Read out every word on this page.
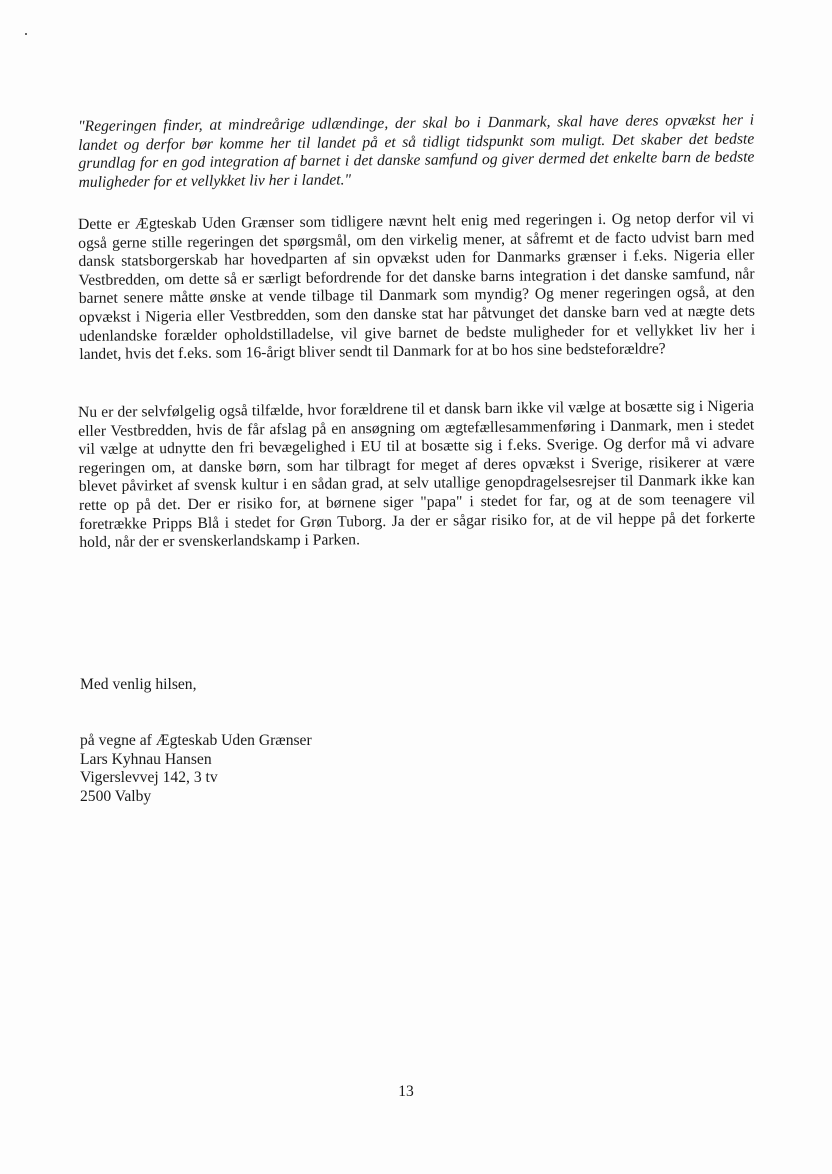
"Regeringen finder, at mindreårige udlændinge, der skal bo i Danmark, skal have deres opvækst her i landet og derfor bør komme her til landet på et så tidligt tidspunkt som muligt. Det skaber det bedste grundlag for en god integration af barnet i det danske samfund og giver dermed det enkelte barn de bedste muligheder for et vellykket liv her i landet."

Dette er Ægteskab Uden Grænser som tidligere nævnt helt enig med regeringen i. Og netop derfor vil vi også gerne stille regeringen det spørgsmål, om den virkelig mener, at såfremt et de facto udvist barn med dansk statsborgerskab har hovedparten af sin opvækst uden for Danmarks grænser i f.eks. Nigeria eller Vestbredden, om dette så er særligt befordrende for det danske barns integration i det danske samfund, når barnet senere måtte ønske at vende tilbage til Danmark som myndig? Og mener regeringen også, at den opvækst i Nigeria eller Vestbredden, som den danske stat har påtvunget det danske barn ved at nægte dets udenlandske forælder opholdstilladelse, vil give barnet de bedste muligheder for et vellykket liv her i landet, hvis det f.eks. som 16-årigt bliver sendt til Danmark for at bo hos sine bedsteforældre?

Nu er der selvfølgelig også tilfælde, hvor forældrene til et dansk barn ikke vil vælge at bosætte sig i Nigeria eller Vestbredden, hvis de får afslag på en ansøgning om ægtefællesammenføring i Danmark, men i stedet vil vælge at udnytte den fri bevægelighed i EU til at bosætte sig i f.eks. Sverige. Og derfor må vi advare regeringen om, at danske børn, som har tilbragt for meget af deres opvækst i Sverige, risikerer at være blevet påvirket af svensk kultur i en sådan grad, at selv utallige genopdragelsesrejser til Danmark ikke kan rette op på det. Der er risiko for, at børnene siger "papa" i stedet for far, og at de som teenagere vil foretrække Pripps Blå i stedet for Grøn Tuborg. Ja der er sågar risiko for, at de vil heppe på det forkerte hold, når der er svenskerlandskamp i Parken.

Med venlig hilsen,
på vegne af Ægteskab Uden Grænser
Lars Kyhnau Hansen
Vigerslevvej 142, 3 tv
2500 Valby
13
